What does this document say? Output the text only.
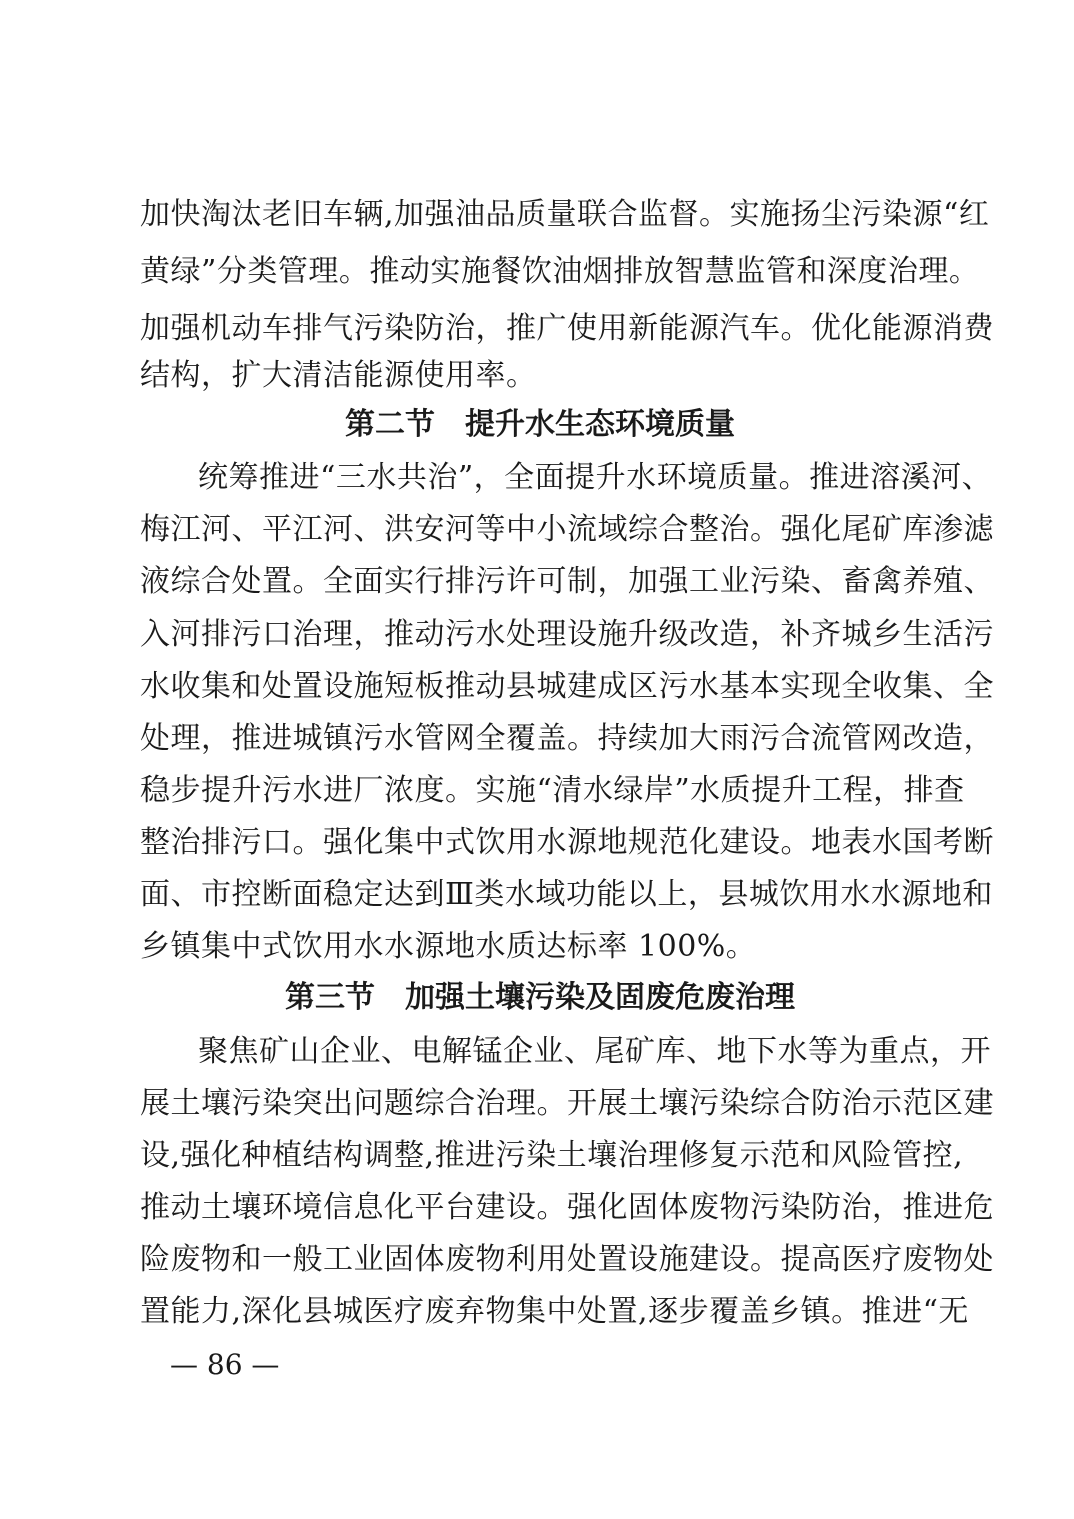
加快淘汰老旧车辆,加强油品质量联合监督。实施扬尘污染源“红
黄绿”分类管理。推动实施餐饮油烟排放智慧监管和深度治理。
加强机动车排气污染防治，推广使用新能源汽车。优化能源消费
结构，扩大清洁能源使用率。
第二节　提升水生态环境质量
统筹推进“三水共治”，全面提升水环境质量。推进溶溪河、
梅江河、平江河、洪安河等中小流域综合整治。强化尾矿库渗滤
液综合处置。全面实行排污许可制，加强工业污染、畜禽养殖、
入河排污口治理，推动污水处理设施升级改造，补齐城乡生活污
水收集和处置设施短板推动县城建成区污水基本实现全收集、全
处理，推进城镇污水管网全覆盖。持续加大雨污合流管网改造，
稳步提升污水进厂浓度。实施“清水绿岸”水质提升工程，排查
整治排污口。强化集中式饮用水源地规范化建设。地表水国考断
面、市控断面稳定达到Ⅲ类水域功能以上，县城饮用水水源地和
乡镇集中式饮用水水源地水质达标率 100%。
第三节　加强土壤污染及固废危废治理
聚焦矿山企业、电解锰企业、尾矿库、地下水等为重点，开
展土壤污染突出问题综合治理。开展土壤污染综合防治示范区建
设,强化种植结构调整,推进污染土壤治理修复示范和风险管控,
推动土壤环境信息化平台建设。强化固体废物污染防治，推进危
险废物和一般工业固体废物利用处置设施建设。提高医疗废物处
置能力,深化县城医疗废弃物集中处置,逐步覆盖乡镇。推进“无
— 86 —
